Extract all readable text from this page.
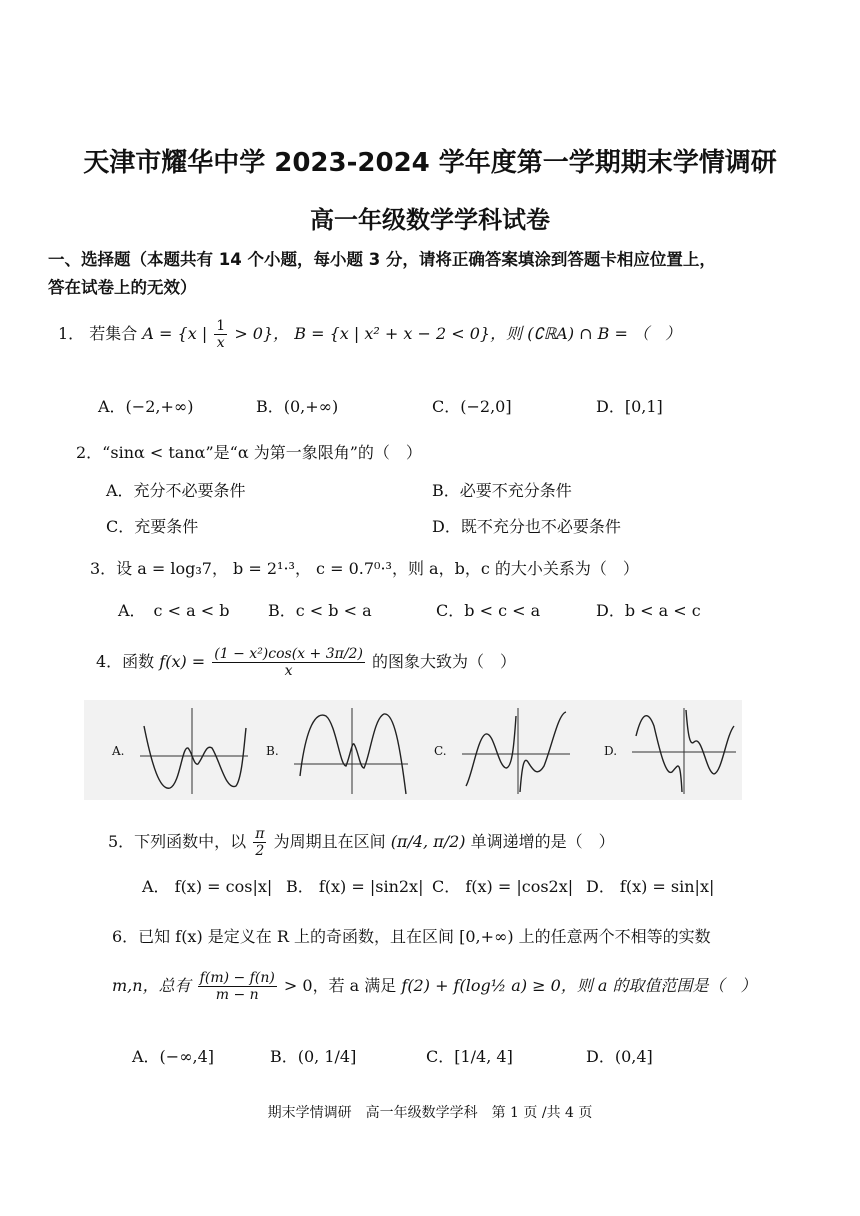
天津市耀华中学 2023-2024 学年度第一学期期末学情调研
高一年级数学学科试卷
一、选择题（本题共有 14 个小题，每小题 3 分，请将正确答案填涂到答题卡相应位置上，
答在试卷上的无效）
1． 若集合 A = {x | $\frac{1}{x} > 0$}， B = {x | x² + x − 2 < 0}，则 (∁ℝA) ∩ B = （　）
A．(−2,+∞)	B．(0,+∞)	C．(−2,0]	D．[0,1]
2．“sinα < tanα”是“α 为第一象限角”的（　）
A．充分不必要条件	B．必要不充分条件
C．充要条件	D．既不充分也不必要条件
3．设 a = log₃7， b = 2¹·³， c = 0.7⁰·³，则 a，b，c 的大小关系为（　）
A．　c < a < b B．c < b < a	C．b < c < a	D．b < a < c
4．函数 $f(x) = \frac{\text{(1 − x²)cos(x + 3π/2)}}{x}$ 的图象大致为（　）
A.	B.	C.	D.
5．下列函数中，以 $\frac{\pi}{2}$ 为周期且在区间 (π/4, π/2) 单调递增的是（　）
A． f(x) = cos|x| B． f(x) = |sin2x| C． f(x) = |cos2x| D． f(x) = sin|x|
6．已知 f(x) 是定义在 R 上的奇函数，且在区间 [0,+∞) 上的任意两个不相等的实数
m,n，总有 $\frac{f(m) - f(n)}{m - n} > 0$，若 a 满足 f(2) + f(log½ a) ≥ 0，则 a 的取值范围是（　）
A．(−∞,4]	B．(0, 1/4]	C．[1/4, 4]	D．(0,4]
期末学情调研　高一年级数学学科　第 1 页 /共 4 页
